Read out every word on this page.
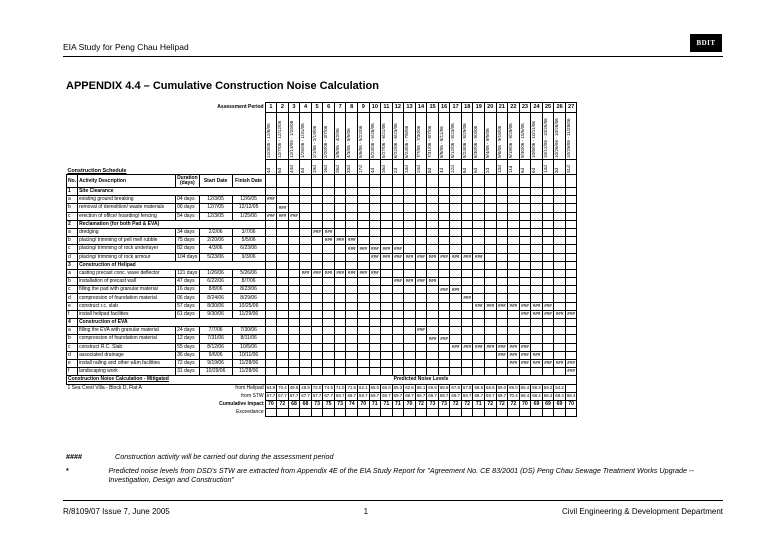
EIA Study for Peng Chau Helipad	BDIT
APPENDIX 4.4 – Cumulative Construction Noise Calculation
Assessment Period					1	2	3	4	5	6	7	8	9	10	11	12	13	14	15	16	17	18	19	20	21	22	23	24	25	26	27

					12/3/05 - 12/6/05	12/7/05 - 12/12/05	12/13/05 - 1/25/06	1/26/06 - 1/31/06	2/1/06 - 2/19/06	2/20/06 - 3/7/06	3/8/06 - 4/2/06	4/3/06 - 5/5/06	5/6/06 - 5/22/06	5/23/06 - 5/26/06	5/27/06 - 6/21/06	6/22/06 - 6/23/06	6/24/06 - 7/6/06	7/7/06 - 7/30/06	7/31/06 - 8/7/06	8/8/06 - 8/11/06	8/12/06 - 8/23/06	8/24/06 - 8/29/06	8/30/06 - 9/3/06	9/4/06 - 9/5/06	9/6/06 - 9/18/06	9/19/06 - 9/29/06	9/30/06 - 10/5/06	10/6/06 - 10/11/06	10/12/06 - 10/25/06	10/26/06 - 10/28/06	10/29/06 - 11/28/06

Construction Schedule					4d	6d	44d	6d	19d	16d	26d	33d	17d	4d	26d	2d	13d	24d	8d	4d	12d	6d	5d	2d	13d	11d	6d	6d	14d	3d	31d

No.	Activity Description	Duration (days)	Start Date	Finish Date																											
1	Site Clearance																														
a	existing ground breaking	04 days	12/3/05	12/6/05	###																										
b	removal of demolition/ waste materials	06 days	12/7/05	12/12/05		###																									
c	erection of office/ hoarding/ fencing	54 days	12/3/05	1/25/06	###	###	###																								
2	Reclamation (for both Pad & EVA)																														
a	dredging	34 days	2/2/06	3/7/06					###	###																					
b	placing/ trimming of pell mell rubble	75 days	2/20/06	5/5/06						###	###	###																			
c	placing/ trimming of rock underlayer	82 days	4/3/06	6/23/06								###	###	###	###	###															
d	placing/ trimming of rock armour	104 days	5/23/06	9/3/06										###	###	###	###	###	###	###	###	###	###								
3	Construction of Helipad																														
a	casting precast conc. wave deflector	121 days	1/26/06	5/26/06				###	###	###	###	###	###	###																	
b	installation of precast wall	47 days	6/22/06	8/7/06												###	###	###	###												
c	filling the pad with granular material	16 days	8/8/06	8/23/06																###	###										
d	compression of foundation material	06 days	8/24/06	8/29/06																		###									
e	construct r.c. slab	57 days	8/30/06	10/25/06																			###	###	###	###	###	###	###		
f	install helipad facilities	61 days	9/30/06	11/29/06																							###	###	###	###	###
4	Construction of EVA																														
a	filling the EVA with granular material	24 days	7/7/06	7/30/06														###													
b	compression of foundation material	12 days	7/31/06	8/11/06															###	###											
c	construct R.C. Slab	55 days	8/12/06	10/5/06																	###	###	###	###	###	###	###				
d	associated drainage	36 days	9/6/06	10/11/06																					###	###	###	###			
e	install railing and other e&m facilities	72 days	9/19/06	11/28/06																						###	###	###	###	###	###
f	landscaping work	31 days	10/29/06	11/28/06																											###
Construction Noise Calculation - Mitigated					Predicted Noise Levels																										
1 Sea Crest Villa - Block D, Flat A			from Helipad		64.9	70.4	49.6	48.5	72.0	74.5	71.0	71.5	62.1	65.0	65.0	65.3	62.6	68.1	69.6	69.5	67.8	67.8	66.5	68.5	69.0	69.0	65.4	59.3	59.2	54.2	
			from STW		67.7	67.7	67.7	67.7	67.7	67.7	69.7	69.7	69.7	69.7	69.7	69.7	69.7	69.7	69.7	69.7	69.7	69.7	69.7	69.7	69.7	70.4	68.4	68.4	68.4	68.4	68.4
			Cumulative Impact		70	72	68	68	73	75	73	74	70	71	71	71	70	72	73	73	72	72	71	72	72	72	70	69	69	69	70
			Exceedance																												
####	Construction activity will be carried out during the assessment period
*	Predicted noise levels from DSD's STW are extracted from Appendix 4E of the EIA Study Report for "Agreement No. CE 83/2001 (DS) Peng Chau Sewage Treatment Works Upgrade -- Investigation, Design and Construction"
R/8109/07 Issue 7, June 2005	1	Civil Engineering & Development Department
